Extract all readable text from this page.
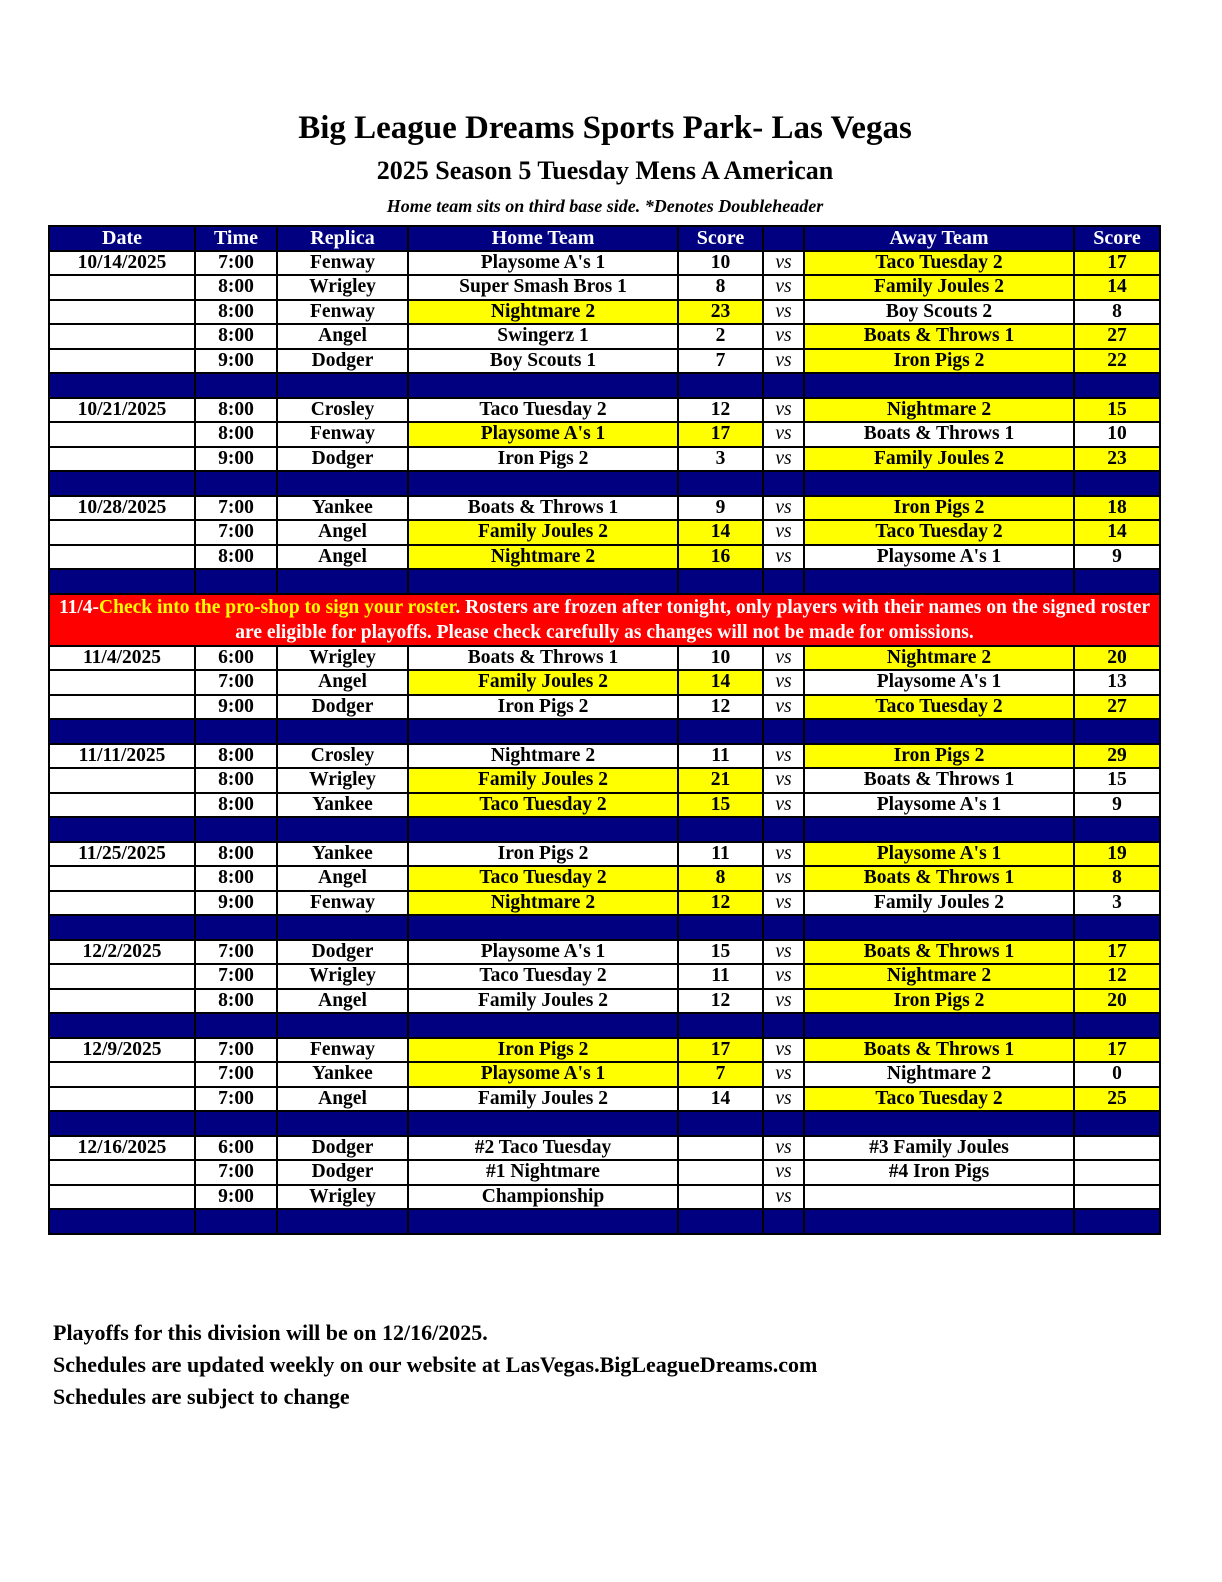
Big League Dreams Sports Park- Las Vegas
2025 Season 5 Tuesday Mens A American
Home team sits on third base side. *Denotes Doubleheader
Date	Time	Replica	Home Team	Score		Away Team	Score
10/14/2025	7:00	Fenway	Playsome A's 1	10	vs	Taco Tuesday 2	17
	8:00	Wrigley	Super Smash Bros 1	8	vs	Family Joules 2	14
	8:00	Fenway	Nightmare 2	23	vs	Boy Scouts 2	8
	8:00	Angel	Swingerz 1	2	vs	Boats & Throws 1	27
	9:00	Dodger	Boy Scouts 1	7	vs	Iron Pigs 2	22

10/21/2025	8:00	Crosley	Taco Tuesday 2	12	vs	Nightmare 2	15
	8:00	Fenway	Playsome A's 1	17	vs	Boats & Throws 1	10
	9:00	Dodger	Iron Pigs 2	3	vs	Family Joules 2	23

10/28/2025	7:00	Yankee	Boats & Throws 1	9	vs	Iron Pigs 2	18
	7:00	Angel	Family Joules 2	14	vs	Taco Tuesday 2	14
	8:00	Angel	Nightmare 2	16	vs	Playsome A's 1	9

11/4-Check into the pro-shop to sign your roster. Rosters are frozen after tonight, only players with their names on the signed roster are eligible for playoffs. Please check carefully as changes will not be made for omissions.							
11/4/2025	6:00	Wrigley	Boats & Throws 1	10	vs	Nightmare 2	20
	7:00	Angel	Family Joules 2	14	vs	Playsome A's 1	13
	9:00	Dodger	Iron Pigs 2	12	vs	Taco Tuesday 2	27

11/11/2025	8:00	Crosley	Nightmare 2	11	vs	Iron Pigs 2	29
	8:00	Wrigley	Family Joules 2	21	vs	Boats & Throws 1	15
	8:00	Yankee	Taco Tuesday 2	15	vs	Playsome A's 1	9

11/25/2025	8:00	Yankee	Iron Pigs 2	11	vs	Playsome A's 1	19
	8:00	Angel	Taco Tuesday 2	8	vs	Boats & Throws 1	8
	9:00	Fenway	Nightmare 2	12	vs	Family Joules 2	3

12/2/2025	7:00	Dodger	Playsome A's 1	15	vs	Boats & Throws 1	17
	7:00	Wrigley	Taco Tuesday 2	11	vs	Nightmare 2	12
	8:00	Angel	Family Joules 2	12	vs	Iron Pigs 2	20

12/9/2025	7:00	Fenway	Iron Pigs 2	17	vs	Boats & Throws 1	17
	7:00	Yankee	Playsome A's 1	7	vs	Nightmare 2	0
	7:00	Angel	Family Joules 2	14	vs	Taco Tuesday 2	25

12/16/2025	6:00	Dodger	#2 Taco Tuesday		vs	#3 Family Joules	
	7:00	Dodger	#1 Nightmare		vs	#4 Iron Pigs	
	9:00	Wrigley	Championship		vs		

Playoffs for this division will be on 12/16/2025.
Schedules are updated weekly on our website at LasVegas.BigLeagueDreams.com
Schedules are subject to change
